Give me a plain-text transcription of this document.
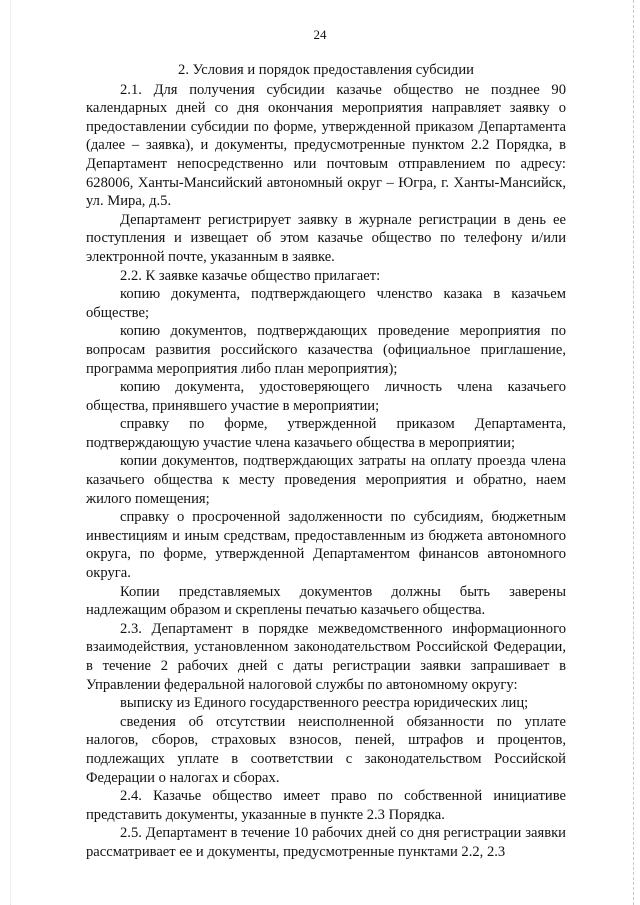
24

2. Условия и порядок предоставления субсидии

2.1. Для получения субсидии казачье общество не позднее 90 календарных дней со дня окончания мероприятия направляет заявку о предоставлении субсидии по форме, утвержденной приказом Департамента (далее – заявка), и документы, предусмотренные пунктом 2.2 Порядка, в Департамент непосредственно или почтовым отправлением по адресу: 628006, Ханты-Мансийский автономный округ – Югра, г. Ханты-Мансийск, ул. Мира, д.5.

Департамент регистрирует заявку в журнале регистрации в день ее поступления и извещает об этом казачье общество по телефону и/или электронной почте, указанным в заявке.

2.2. К заявке казачье общество прилагает:

копию документа, подтверждающего членство казака в казачьем обществе;

копию документов, подтверждающих проведение мероприятия по вопросам развития российского казачества (официальное приглашение, программа мероприятия либо план мероприятия);

копию документа, удостоверяющего личность члена казачьего общества, принявшего участие в мероприятии;

справку по форме, утвержденной приказом Департамента, подтверждающую участие члена казачьего общества в мероприятии;

копии документов, подтверждающих затраты на оплату проезда члена казачьего общества к месту проведения мероприятия и обратно, наем жилого помещения;

справку о просроченной задолженности по субсидиям, бюджетным инвестициям и иным средствам, предоставленным из бюджета автономного округа, по форме, утвержденной Департаментом финансов автономного округа.

Копии представляемых документов должны быть заверены надлежащим образом и скреплены печатью казачьего общества.

2.3. Департамент в порядке межведомственного информационного взаимодействия, установленном законодательством Российской Федерации, в течение 2 рабочих дней с даты регистрации заявки запрашивает в Управлении федеральной налоговой службы по автономному округу:

выписку из Единого государственного реестра юридических лиц;

сведения об отсутствии неисполненной обязанности по уплате налогов, сборов, страховых взносов, пеней, штрафов и процентов, подлежащих уплате в соответствии с законодательством Российской Федерации о налогах и сборах.

2.4. Казачье общество имеет право по собственной инициативе представить документы, указанные в пункте 2.3 Порядка.

2.5. Департамент в течение 10 рабочих дней со дня регистрации заявки рассматривает ее и документы, предусмотренные пунктами 2.2, 2.3
